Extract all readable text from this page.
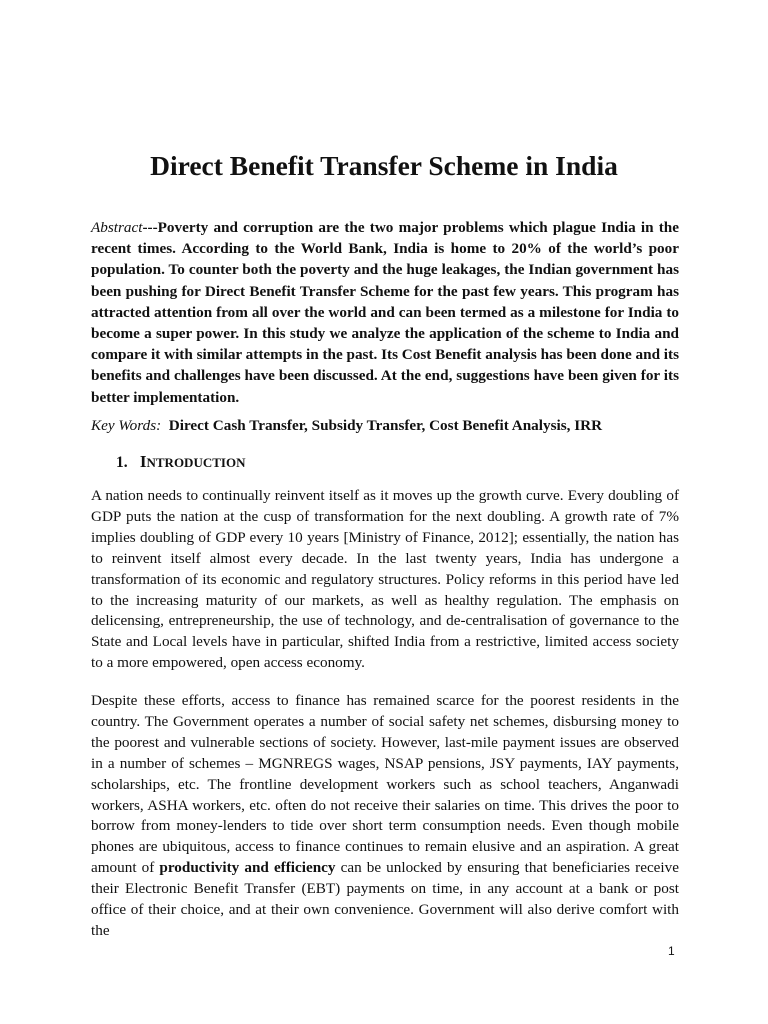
Direct Benefit Transfer Scheme in India

Abstract---Poverty and corruption are the two major problems which plague India in the recent times. According to the World Bank, India is home to 20% of the world’s poor population. To counter both the poverty and the huge leakages, the Indian government has been pushing for Direct Benefit Transfer Scheme for the past few years. This program has attracted attention from all over the world and can been termed as a milestone for India to become a super power. In this study we analyze the application of the scheme to India and compare it with similar attempts in the past. Its Cost Benefit analysis has been done and its benefits and challenges have been discussed. At the end, suggestions have been given for its better implementation.

Key Words: Direct Cash Transfer, Subsidy Transfer, Cost Benefit Analysis, IRR

1. INTRODUCTION

A nation needs to continually reinvent itself as it moves up the growth curve. Every doubling of GDP puts the nation at the cusp of transformation for the next doubling. A growth rate of 7% implies doubling of GDP every 10 years [Ministry of Finance, 2012]; essentially, the nation has to reinvent itself almost every decade. In the last twenty years, India has undergone a transformation of its economic and regulatory structures. Policy reforms in this period have led to the increasing maturity of our markets, as well as healthy regulation. The emphasis on delicensing, entrepreneurship, the use of technology, and de-centralisation of governance to the State and Local levels have in particular, shifted India from a restrictive, limited access society to a more empowered, open access economy.

Despite these efforts, access to finance has remained scarce for the poorest residents in the country. The Government operates a number of social safety net schemes, disbursing money to the poorest and vulnerable sections of society. However, last-mile payment issues are observed in a number of schemes – MGNREGS wages, NSAP pensions, JSY payments, IAY payments, scholarships, etc. The frontline development workers such as school teachers, Anganwadi workers, ASHA workers, etc. often do not receive their salaries on time. This drives the poor to borrow from money-lenders to tide over short term consumption needs. Even though mobile phones are ubiquitous, access to finance continues to remain elusive and an aspiration. A great amount of productivity and efficiency can be unlocked by ensuring that beneficiaries receive their Electronic Benefit Transfer (EBT) payments on time, in any account at a bank or post office of their choice, and at their own convenience. Government will also derive comfort with the

1
